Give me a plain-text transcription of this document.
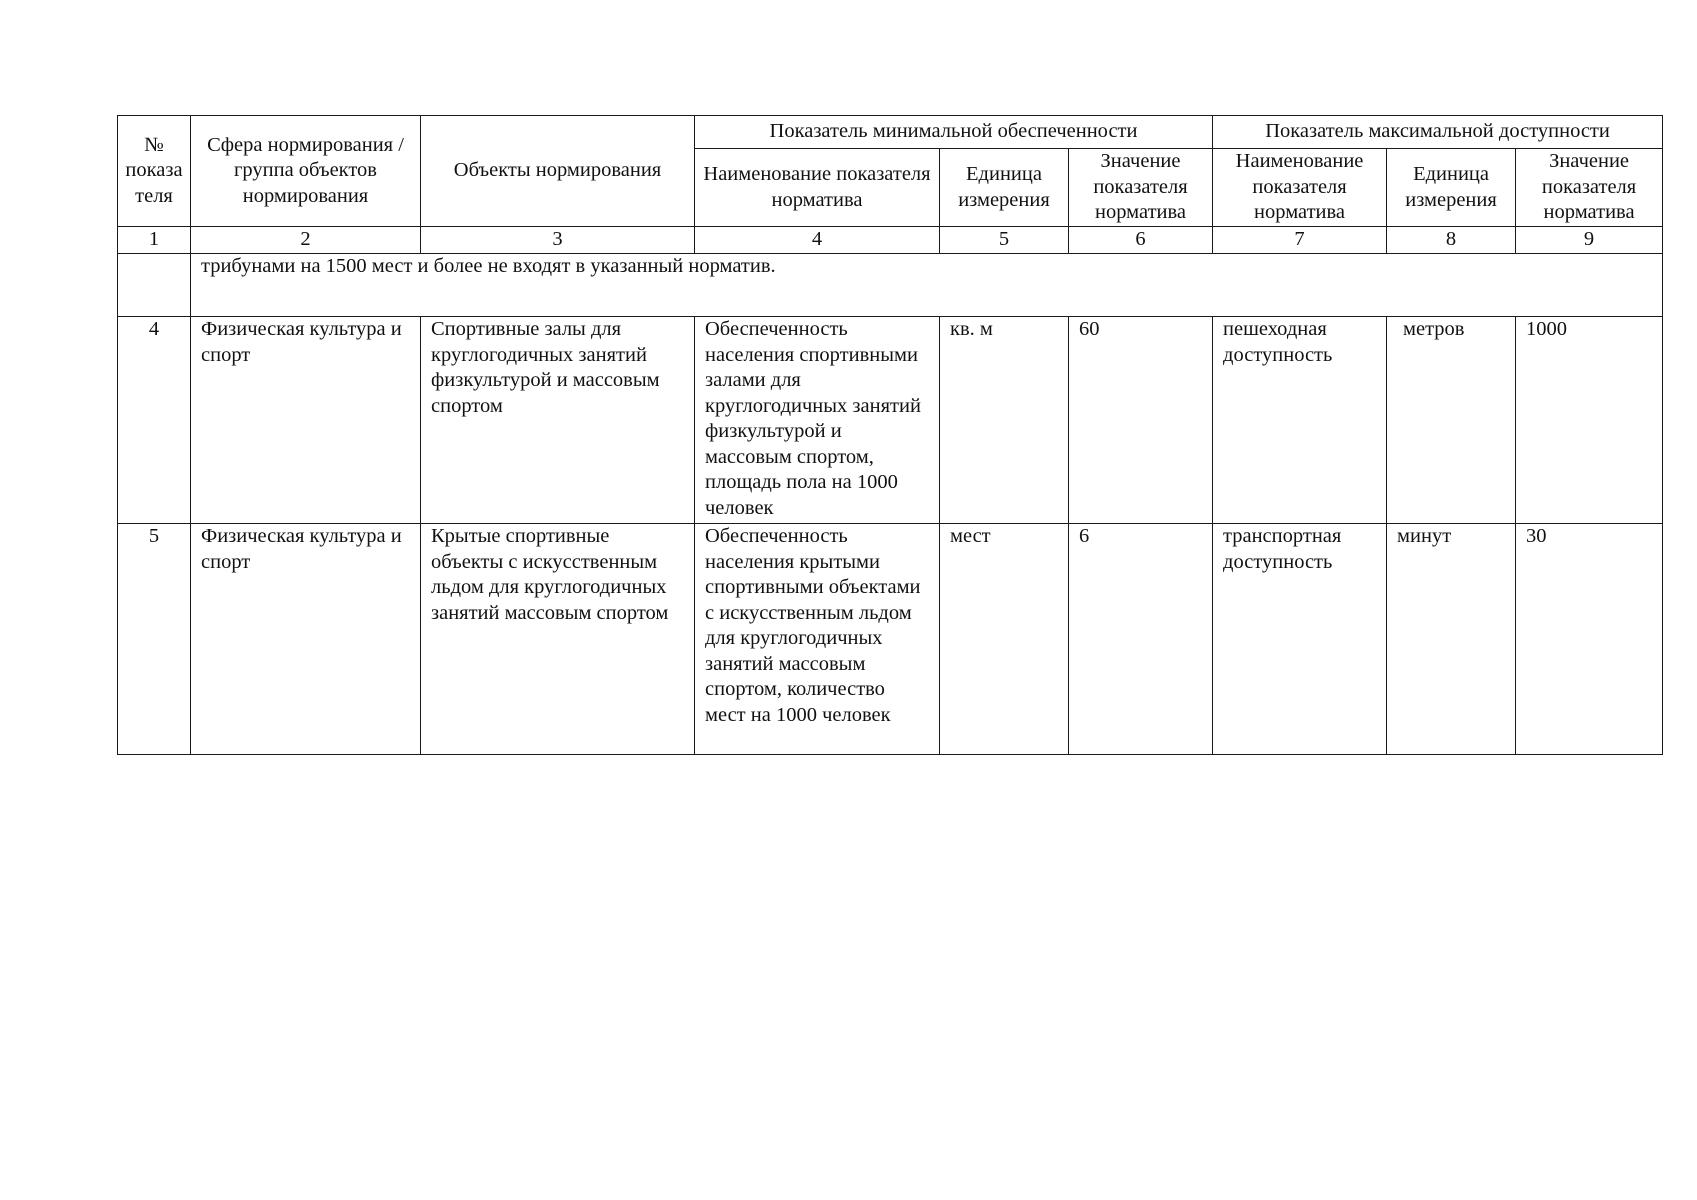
№ показа теля	Сфера нормирования / группа объектов нормирования	Объекты нормирования	Показатель минимальной обеспеченности			Показатель максимальной доступности		
			Наименование показателя норматива	Единица измерения	Значение показателя норматива	Наименование показателя норматива	Единица измерения	Значение показателя норматива
1	2	3	4	5	6	7	8	9
	трибунами на 1500 мест и более не входят в указанный норматив.							
4	Физическая культура и спорт	Спортивные залы для круглогодичных занятий физкультурой и массовым спортом	Обеспеченность населения спортивными залами для круглогодичных занятий физкультурой и массовым спортом, площадь пола на 1000 человек	кв. м	60	пешеходная доступность	метров	1000
5	Физическая культура и спорт	Крытые спортивные объекты с искусственным льдом для круглогодичных занятий массовым спортом	Обеспеченность населения крытыми спортивными объектами с искусственным льдом для круглогодичных занятий массовым спортом, количество мест на 1000 человек	мест	6	транспортная доступность	минут	30
